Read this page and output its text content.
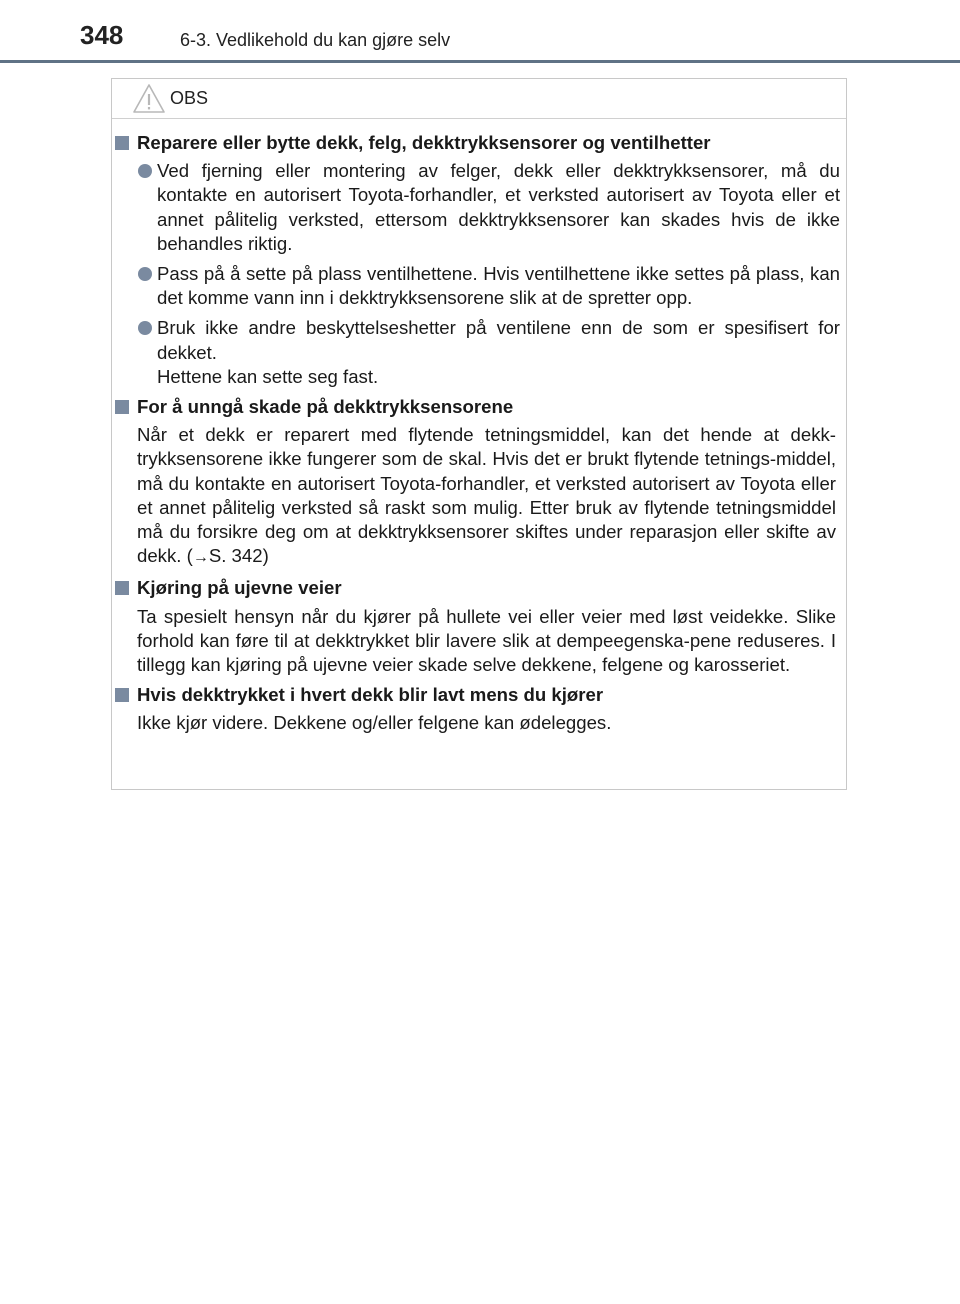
348	6-3. Vedlikehold du kan gjøre selv
OBS
Reparere eller bytte dekk, felg, dekktrykksensorer og ventilhetter
Ved fjerning eller montering av felger, dekk eller dekktrykksensorer, må du kontakte en autorisert Toyota-forhandler, et verksted autorisert av Toyota eller et annet pålitelig verksted, ettersom dekktrykksensorer kan skades hvis de ikke behandles riktig.
Pass på å sette på plass ventilhettene. Hvis ventilhettene ikke settes på plass, kan det komme vann inn i dekktrykksensorene slik at de spretter opp.
Bruk ikke andre beskyttelseshetter på ventilene enn de som er spesifisert for dekket.
Hettene kan sette seg fast.
For å unngå skade på dekktrykksensorene
Når et dekk er reparert med flytende tetningsmiddel, kan det hende at dekk-trykksensorene ikke fungerer som de skal. Hvis det er brukt flytende tetnings-middel, må du kontakte en autorisert Toyota-forhandler, et verksted autorisert av Toyota eller et annet pålitelig verksted så raskt som mulig. Etter bruk av flytende tetningsmiddel må du forsikre deg om at dekktrykksensorer skiftes under reparasjon eller skifte av dekk. (→S. 342)
Kjøring på ujevne veier
Ta spesielt hensyn når du kjører på hullete vei eller veier med løst veidekke. Slike forhold kan føre til at dekktrykket blir lavere slik at dempeegenska-pene reduseres. I tillegg kan kjøring på ujevne veier skade selve dekkene, felgene og karosseriet.
Hvis dekktrykket i hvert dekk blir lavt mens du kjører
Ikke kjør videre. Dekkene og/eller felgene kan ødelegges.
